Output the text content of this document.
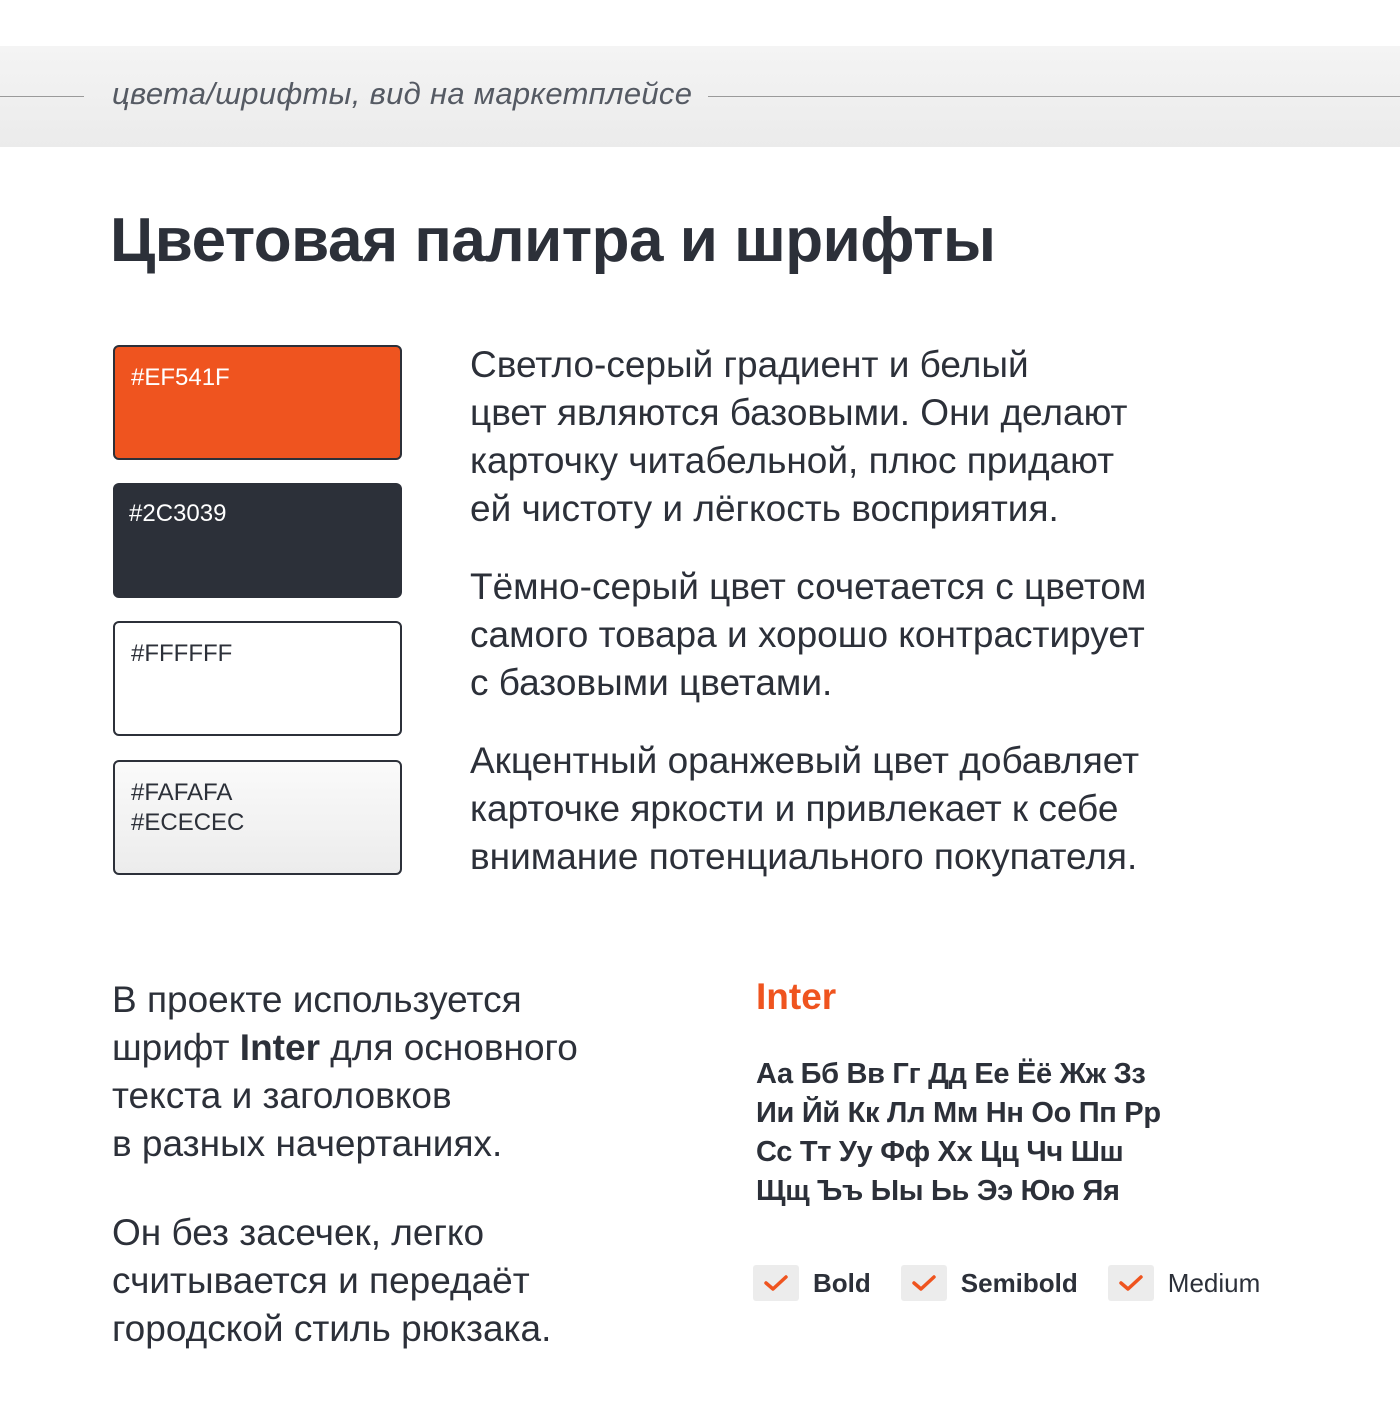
цвета/шрифты, вид на маркетплейсе
Цветовая палитра и шрифты
#EF541F
#2C3039
#FFFFFF
#FAFAFA
#ECECEC

Светло-серый градиент и белый
цвет являются базовыми. Они делают
карточку читабельной, плюс придают
ей чистоту и лёгкость восприятия.

Тёмно-серый цвет сочетается с цветом
самого товара и хорошо контрастирует
с базовыми цветами.

Акцентный оранжевый цвет добавляет
карточке яркости и привлекает к себе
внимание потенциального покупателя.

В проекте используется
шрифт Inter для основного
текста и заголовков
в разных начертаниях.

Он без засечек, легко
считывается и передаёт
городской стиль рюкзака.

Inter
Аа Бб Вв Гг Дд Ее Ёё Жж Зз
Ии Йй Кк Лл Мм Нн Оо Пп Рр
Сс Тт Уу Фф Хх Цц Чч Шш
Щщ Ъъ Ыы Ьь Ээ Юю Яя
Bold	Semibold	Medium
